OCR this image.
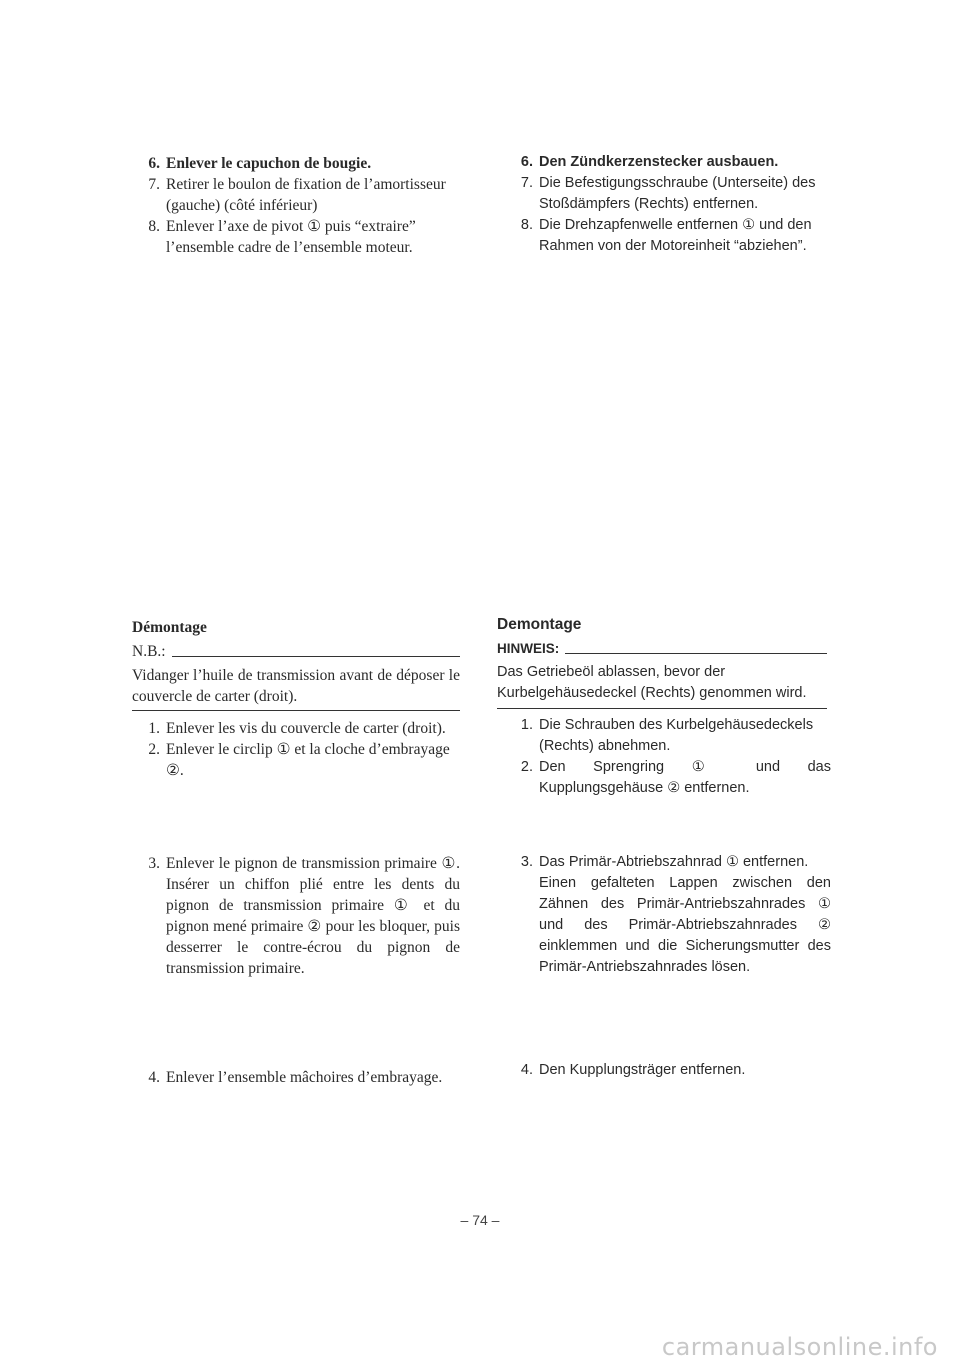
6. Enlever le capuchon de bougie.
7. Retirer le boulon de fixation de l’amortisseur (gauche) (côté inférieur)
8. Enlever l’axe de pivot ① puis “extraire” l’ensemble cadre de l’ensemble moteur.
Démontage
N.B.:
Vidanger l’huile de transmission avant de déposer le couvercle de carter (droit).
1. Enlever les vis du couvercle de carter (droit).
2. Enlever le circlip ① et la cloche d’embrayage ②.
3. Enlever le pignon de transmission primaire ①. Insérer un chiffon plié entre les dents du pignon de transmission primaire ① et du pignon mené primaire ② pour les bloquer, puis desserrer le contre-écrou du pignon de transmission primaire.
4. Enlever l’ensemble mâchoires d’embrayage.
6. Den Zündkerzenstecker ausbauen.
7. Die Befestigungsschraube (Unterseite) des Stoßdämpfers (Rechts) entfernen.
8. Die Drehzapfenwelle entfernen ① und den Rahmen von der Motoreinheit “abziehen”.
Demontage
HINWEIS:
Das Getriebeöl ablassen, bevor der Kurbelgehäusedeckel (Rechts) genommen wird.
1. Die Schrauben des Kurbelgehäusedeckels (Rechts) abnehmen.
2. Den Sprengring ① und das Kupplungsgehäuse ② entfernen.
3. Das Primär-Abtriebszahnrad ① entfernen.
Einen gefalteten Lappen zwischen den Zähnen des Primär-Antriebszahnrades ① und des Primär-Abtriebszahnrades ② einklemmen und die Sicherungsmutter des Primär-Antriebszahnrades lösen.
4. Den Kupplungsträger entfernen.
– 74 –
carmanualsonline.info
